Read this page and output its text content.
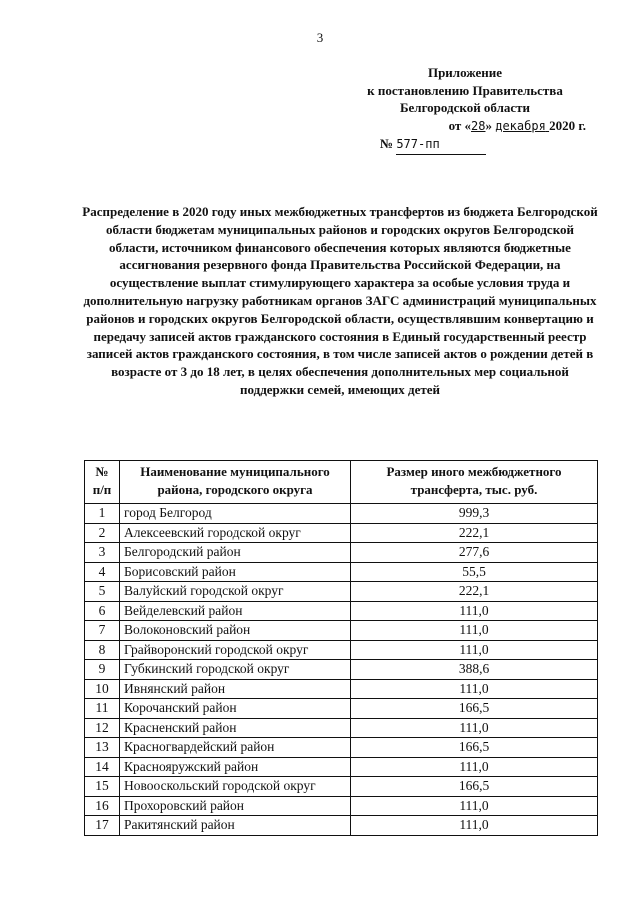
3
Приложение
к постановлению Правительства
Белгородской области
от «28» декабря 2020 г.
№ 577-пп
Распределение в 2020 году иных межбюджетных трансфертов из бюджета Белгородской области бюджетам муниципальных районов и городских округов Белгородской области, источником финансового обеспечения которых являются бюджетные ассигнования резервного фонда Правительства Российской Федерации, на осуществление выплат стимулирующего характера за особые условия труда и дополнительную нагрузку работникам органов ЗАГС администраций муниципальных районов и городских округов Белгородской области, осуществлявшим конвертацию и передачу записей актов гражданского состояния в Единый государственный реестр записей актов гражданского состояния, в том числе записей актов о рождении детей в возрасте от 3 до 18 лет, в целях обеспечения дополнительных мер социальной поддержки семей, имеющих детей
№ п/п	Наименование муниципального района, городского округа	Размер иного межбюджетного трансферта, тыс. руб.
1	город Белгород	999,3
2	Алексеевский городской округ	222,1
3	Белгородский район	277,6
4	Борисовский район	55,5
5	Валуйский городской округ	222,1
6	Вейделевский район	111,0
7	Волоконовский район	111,0
8	Грайворонский городской округ	111,0
9	Губкинский городской округ	388,6
10	Ивнянский район	111,0
11	Корочанский район	166,5
12	Красненский район	111,0
13	Красногвардейский район	166,5
14	Краснояружский район	111,0
15	Новооскольский городской округ	166,5
16	Прохоровский район	111,0
17	Ракитянский район	111,0
